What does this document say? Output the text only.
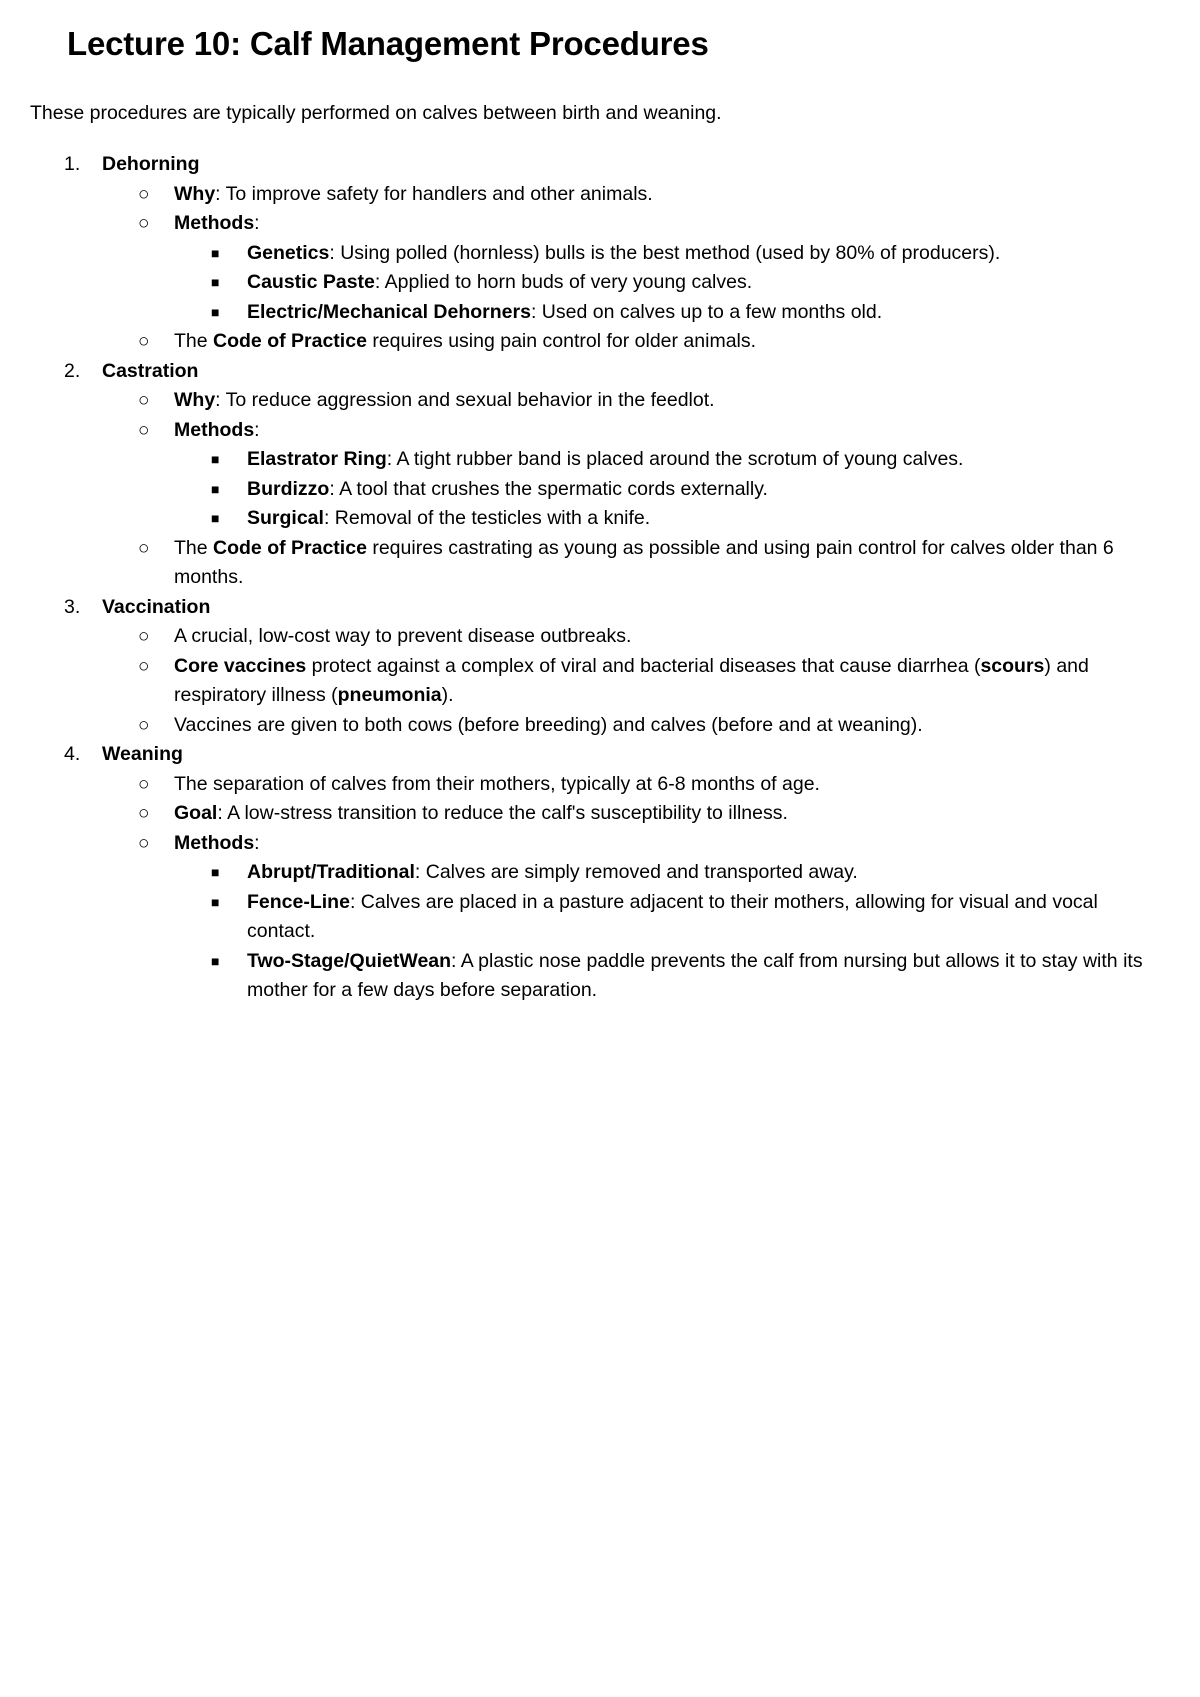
Lecture 10: Calf Management Procedures

These procedures are typically performed on calves between birth and weaning.

1. Dehorning
○ Why: To improve safety for handlers and other animals.
○ Methods:
■ Genetics: Using polled (hornless) bulls is the best method (used by 80% of producers).
■ Caustic Paste: Applied to horn buds of very young calves.
■ Electric/Mechanical Dehorners: Used on calves up to a few months old.
○ The Code of Practice requires using pain control for older animals.
2. Castration
○ Why: To reduce aggression and sexual behavior in the feedlot.
○ Methods:
■ Elastrator Ring: A tight rubber band is placed around the scrotum of young calves.
■ Burdizzo: A tool that crushes the spermatic cords externally.
■ Surgical: Removal of the testicles with a knife.
○ The Code of Practice requires castrating as young as possible and using pain control for calves older than 6 months.
3. Vaccination
○ A crucial, low-cost way to prevent disease outbreaks.
○ Core vaccines protect against a complex of viral and bacterial diseases that cause diarrhea (scours) and respiratory illness (pneumonia).
○ Vaccines are given to both cows (before breeding) and calves (before and at weaning).
4. Weaning
○ The separation of calves from their mothers, typically at 6-8 months of age.
○ Goal: A low-stress transition to reduce the calf's susceptibility to illness.
○ Methods:
■ Abrupt/Traditional: Calves are simply removed and transported away.
■ Fence-Line: Calves are placed in a pasture adjacent to their mothers, allowing for visual and vocal contact.
■ Two-Stage/QuietWean: A plastic nose paddle prevents the calf from nursing but allows it to stay with its mother for a few days before separation.
